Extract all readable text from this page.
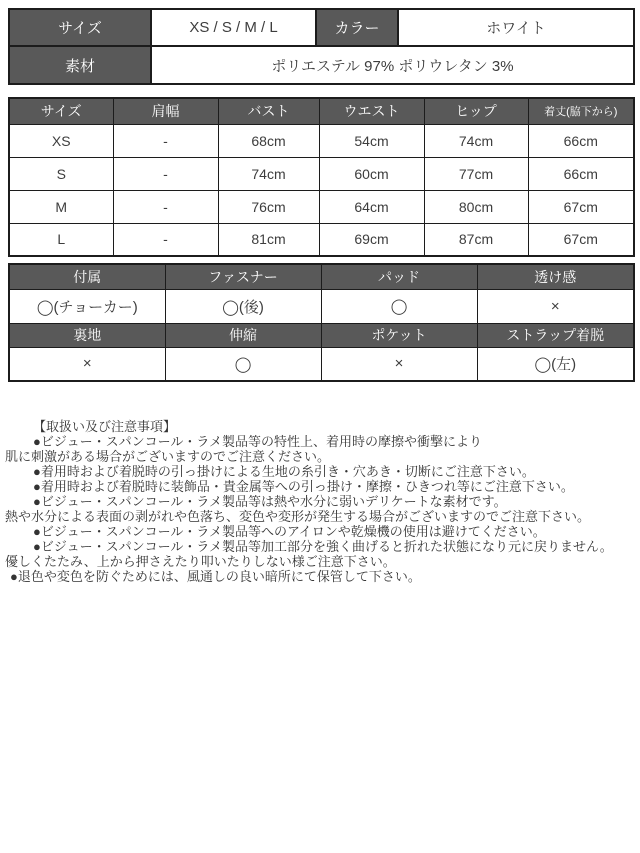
サイズ	XS / S / M / L	カラー	ホワイト
素材	ポリエステル 97% ポリウレタン 3%		
サイズ	肩幅	バスト	ウエスト	ヒップ	着丈(脇下から)
XS	-	68cm	54cm	74cm	66cm
S	-	74cm	60cm	77cm	66cm
M	-	76cm	64cm	80cm	67cm
L	-	81cm	69cm	87cm	67cm
付属	ファスナー	パッド	透け感
◯(チョーカー)	◯(後)	◯	×
裏地	伸縮	ポケット	ストラップ着脱
×	◯	×	◯(左)
【取扱い及び注意事項】
●ビジュー・スパンコール・ラメ製品等の特性上、着用時の摩擦や衝撃により
肌に刺激がある場合がございますのでご注意ください。
●着用時および着脱時の引っ掛けによる生地の糸引き・穴あき・切断にご注意下さい。
●着用時および着脱時に装飾品・貴金属等への引っ掛け・摩擦・ひきつれ等にご注意下さい。
●ビジュー・スパンコール・ラメ製品等は熱や水分に弱いデリケートな素材です。
熱や水分による表面の剥がれや色落ち、変色や変形が発生する場合がございますのでご注意下さい。
●ビジュー・スパンコール・ラメ製品等へのアイロンや乾燥機の使用は避けてください。
●ビジュー・スパンコール・ラメ製品等加工部分を強く曲げると折れた状態になり元に戻りません。
優しくたたみ、上から押さえたり叩いたりしない様ご注意下さい。
●退色や変色を防ぐためには、風通しの良い暗所にて保管して下さい。
